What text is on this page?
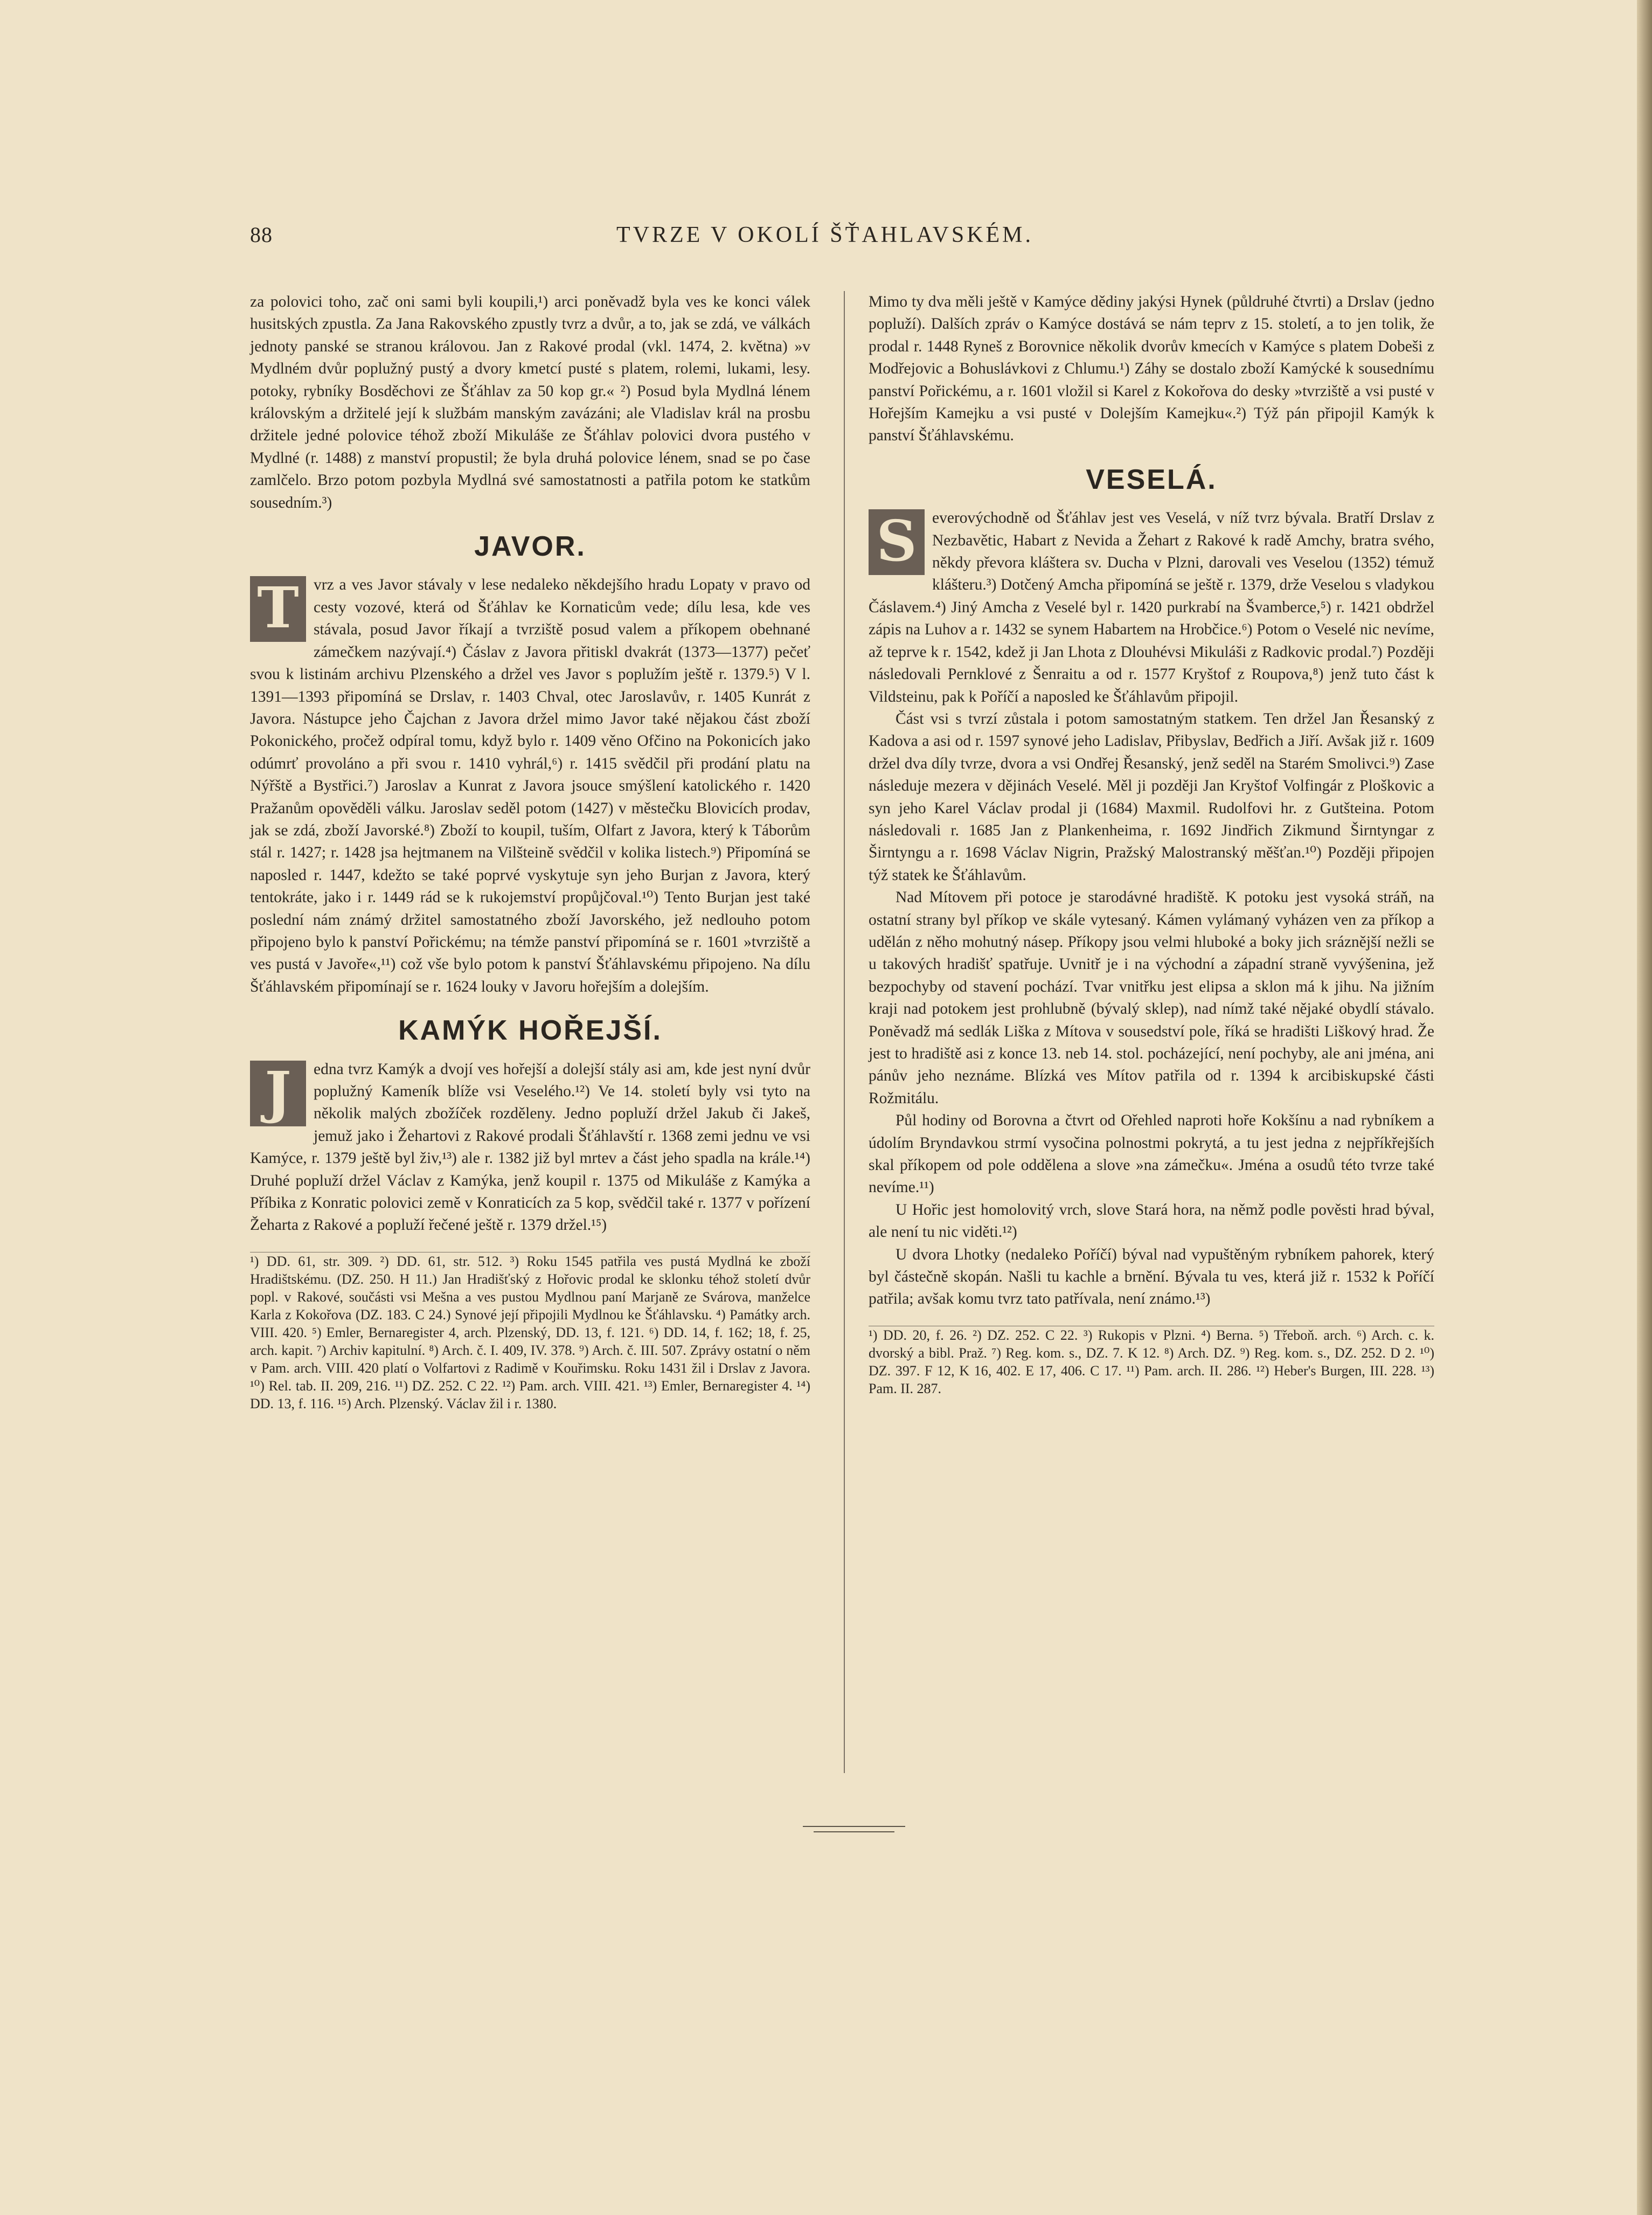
88	TVRZE V OKOLÍ ŠŤAHLAVSKÉM.

za polovici toho, zač oni sami byli koupili,¹) arci poněvadž byla ves ke konci válek husitských zpustla. Za Jana Rakovského zpustly tvrz a dvůr, a to, jak se zdá, ve válkách jednoty panské se stranou královou. Jan z Rakové prodal (vkl. 1474, 2. května) »v Mydlném dvůr poplužný pustý a dvory kmetcí pusté s platem, rolemi, lukami, lesy. potoky, rybníky Bosděchovi ze Šťáhlav za 50 kop gr.« ²) Posud byla Mydlná lénem královským a držitelé její k službám manským zavázáni; ale Vladislav král na prosbu držitele jedné polovice téhož zboží Mikuláše ze Šťáhlav polovici dvora pustého v Mydlné (r. 1488) z manství propustil; že byla druhá polovice lénem, snad se po čase zamlčelo. Brzo potom pozbyla Mydlná své samostatnosti a patřila potom ke statkům sousedním.³)

JAVOR.

T vrz a ves Javor stávaly v lese nedaleko někdejšího hradu Lopaty v pravo od cesty vozové, která od Šťáhlav ke Kornaticům vede; dílu lesa, kde ves stávala, posud Javor říkají a tvrziště posud valem a příkopem obehnané zámečkem nazývají.⁴) Čáslav z Javora přitiskl dvakrát (1373—1377) pečeť svou k listinám archivu Plzenského a držel ves Javor s poplužím ještě r. 1379.⁵) V l. 1391—1393 připomíná se Drslav, r. 1403 Chval, otec Jaroslavův, r. 1405 Kunrát z Javora. Nástupce jeho Čajchan z Javora držel mimo Javor také nějakou část zboží Pokonického, pročež odpíral tomu, když bylo r. 1409 věno Ofčino na Pokonicích jako odúmrť provoláno a při svou r. 1410 vyhrál,⁶) r. 1415 svědčil při prodání platu na Nýřště a Bystřici.⁷) Jaroslav a Kunrat z Javora jsouce smýšlení katolického r. 1420 Pražanům opověděli válku. Jaroslav seděl potom (1427) v městečku Blovicích prodav, jak se zdá, zboží Javorské.⁸) Zboží to koupil, tuším, Olfart z Javora, který k Táborům stál r. 1427; r. 1428 jsa hejtmanem na Vilšteině svědčil v kolika listech.⁹) Připomíná se naposled r. 1447, kdežto se také poprvé vyskytuje syn jeho Burjan z Javora, který tentokráte, jako i r. 1449 rád se k rukojemství propůjčoval.¹⁰) Tento Burjan jest také poslední nám známý držitel samostatného zboží Javorského, jež nedlouho potom připojeno bylo k panství Pořickému; na témže panství připomíná se r. 1601 »tvrziště a ves pustá v Javoře«,¹¹) což vše bylo potom k panství Šťáhlavskému připojeno. Na dílu Šťáhlavském připomínají se r. 1624 louky v Javoru hořejším a dolejším.

KAMÝK HOŘEJŠÍ.

J	edna tvrz Kamýk a dvojí ves hořejší a dolejší stály asi am, kde jest nyní dvůr poplužný Kameník blíže vsi Veselého.¹²) Ve 14. století byly vsi tyto na několik malých zbožíček rozděleny. Jedno popluží držel Jakub či Jakeš, jemuž jako i Žehartovi z Rakové prodali Šťáhlavští r. 1368 zemi jednu ve vsi Kamýce, r. 1379 ještě byl živ,¹³) ale r. 1382 již byl mrtev a část jeho spadla na krále.¹⁴) Druhé popluží držel Václav z Kamýka, jenž koupil r. 1375 od Mikuláše z Kamýka a Příbika z Konratic polovici země v Konraticích za 5 kop, svědčil také r. 1377 v pořízení Žeharta z Rakové a popluží řečené ještě r. 1379 držel.¹⁵)

¹) DD. 61, str. 309. ²) DD. 61, str. 512. ³) Roku 1545 patřila ves pustá Mydlná ke zboží Hradištskému. (DZ. 250. H 11.) Jan Hradišťský z Hořovic prodal ke sklonku téhož století dvůr popl. v Rakové, součásti vsi Mešna a ves pustou Mydlnou paní Marjaně ze Svárova, manželce Karla z Kokořova (DZ. 183. C 24.) Synové její připojili Mydlnou ke Šťáhlavsku. ⁴) Památky arch. VIII. 420. ⁵) Emler, Bernaregister 4, arch. Plzenský, DD. 13, f. 121. ⁶) DD. 14, f. 162; 18, f. 25, arch. kapit. ⁷) Archiv kapitulní. ⁸) Arch. č. I. 409, IV. 378. ⁹) Arch. č. III. 507. Zprávy ostatní o něm v Pam. arch. VIII. 420 platí o Volfartovi z Radimě v Kouřimsku. Roku 1431 žil i Drslav z Javora. ¹⁰) Rel. tab. II. 209, 216. ¹¹) DZ. 252. C 22. ¹²) Pam. arch. VIII. 421. ¹³) Emler, Bernaregister 4. ¹⁴) DD. 13, f. 116. ¹⁵) Arch. Plzenský. Václav žil i r. 1380.

Mimo ty dva měli ještě v Kamýce dědiny jakýsi Hynek (půldruhé čtvrti) a Drslav (jedno popluží). Dalších zpráv o Kamýce dostává se nám teprv z 15. století, a to jen tolik, že prodal r. 1448 Ryneš z Borovnice několik dvorův kmecích v Kamýce s platem Dobeši z Modřejovic a Bohuslávkovi z Chlumu.¹) Záhy se dostalo zboží Kamýcké k sousednímu panství Pořickému, a r. 1601 vložil si Karel z Kokořova do desky »tvrziště a vsi pusté v Hořejším Kamejku a vsi pusté v Dolejším Kamejku«.²) Týž pán připojil Kamýk k panství Šťáhlavskému.

VESELÁ.

S everovýchodně od Šťáhlav jest ves Veselá, v níž tvrz bývala. Bratří Drslav z Nezbavětic, Habart z Nevida a Žehart z Rakové k radě Amchy, bratra svého, někdy převora kláštera sv. Ducha v Plzni, darovali ves Veselou (1352) témuž klášteru.³) Dotčený Amcha připomíná se ještě r. 1379, drže Veselou s vladykou Čáslavem.⁴) Jiný Amcha z Veselé byl r. 1420 purkrabí na Švamberce,⁵) r. 1421 obdržel zápis na Luhov a r. 1432 se synem Habartem na Hrobčice.⁶) Potom o Veselé nic nevíme, až teprve k r. 1542, kdež ji Jan Lhota z Dlouhévsi Mikuláši z Radkovic prodal.⁷) Později následovali Pernklové z Šenraitu a od r. 1577 Kryštof z Roupova,⁸) jenž tuto část k Vildsteinu, pak k Poříčí a naposled ke Šťáhlavům připojil.

Část vsi s tvrzí zůstala i potom samostatným statkem. Ten držel Jan Řesanský z Kadova a asi od r. 1597 synové jeho Ladislav, Přibyslav, Bedřich a Jiří. Avšak již r. 1609 držel dva díly tvrze, dvora a vsi Ondřej Řesanský, jenž seděl na Starém Smolivci.⁹) Zase následuje mezera v dějinách Veselé. Měl ji později Jan Kryštof Volfingár z Ploškovic a syn jeho Karel Václav prodal ji (1684) Maxmil. Rudolfovi hr. z Gutšteina. Potom následovali r. 1685 Jan z Plankenheima, r. 1692 Jindřich Zikmund Širntyngar z Širntyngu a r. 1698 Václav Nigrin, Pražský Malostranský měšťan.¹⁰) Později připojen týž statek ke Šťáhlavům.

Nad Mítovem při potoce je starodávné hradiště. K potoku jest vysoká stráň, na ostatní strany byl příkop ve skále vytesaný. Kámen vylámaný vyházen ven za příkop a udělán z něho mohutný násep. Příkopy jsou velmi hluboké a boky jich sráznější nežli se u takových hradišť spatřuje. Uvnitř je i na východní a západní straně vyvýšenina, jež bezpochyby od stavení pochází. Tvar vnitřku jest elipsa a sklon má k jihu. Na jižním kraji nad potokem jest prohlubně (bývalý sklep), nad nímž také nějaké obydlí stávalo. Poněvadž má sedlák Liška z Mítova v sousedství pole, říká se hradišti Liškový hrad. Že jest to hradiště asi z konce 13. neb 14. stol. pocházející, není pochyby, ale ani jména, ani pánův jeho neznáme. Blízká ves Mítov patřila od r. 1394 k arcibiskupské části Rožmitálu.

Půl hodiny od Borovna a čtvrt od Ořehled naproti hoře Kokšínu a nad rybníkem a údolím Bryndavkou strmí vysočina polnostmi pokrytá, a tu jest jedna z nejpříkřejších skal příkopem od pole oddělena a slove »na zámečku«. Jména a osudů této tvrze také nevíme.¹¹)

U Hořic jest homolovitý vrch, slove Stará hora, na němž podle pověsti hrad býval, ale není tu nic viděti.¹²)

U dvora Lhotky (nedaleko Poříčí) býval nad vypuštěným rybníkem pahorek, který byl částečně skopán. Našli tu kachle a brnění. Bývala tu ves, která již r. 1532 k Poříčí patřila; avšak komu tvrz tato patřívala, není známo.¹³)

¹) DD. 20, f. 26. ²) DZ. 252. C 22. ³) Rukopis v Plzni. ⁴) Berna. ⁵) Třeboň. arch. ⁶) Arch. c. k. dvorský a bibl. Praž. ⁷) Reg. kom. s., DZ. 7. K 12. ⁸) Arch. DZ. ⁹) Reg. kom. s., DZ. 252. D 2. ¹⁰) DZ. 397. F 12, K 16, 402. E 17, 406. C 17. ¹¹) Pam. arch. II. 286. ¹²) Heber's Burgen, III. 228. ¹³) Pam. II. 287.
